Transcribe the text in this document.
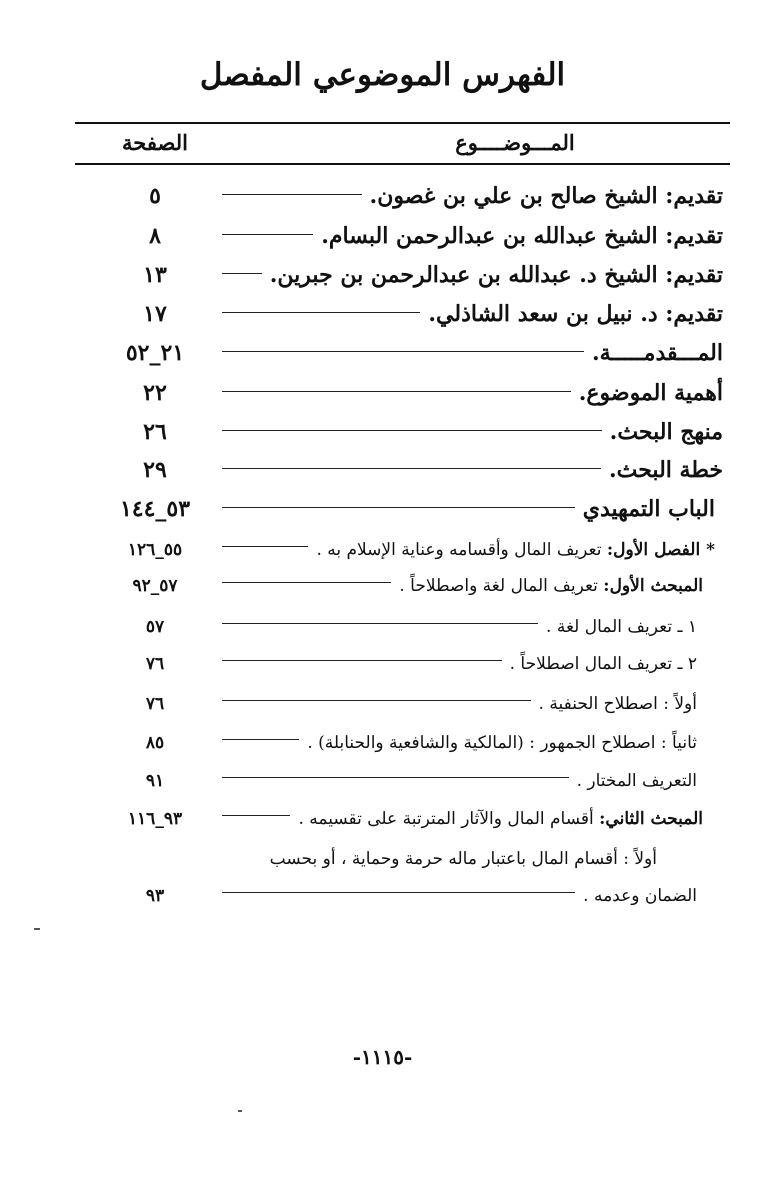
الفهرس الموضوعي المفصل
المـــوضــــوع
الصفحة
تقديم: الشيخ صالح بن علي بن غصون.
٥
تقديم: الشيخ عبدالله بن عبدالرحمن البسام.
٨
تقديم: الشيخ د. عبدالله بن عبدالرحمن بن جبرين.
١٣
تقديم: د. نبيل بن سعد الشاذلي.
١٧
المـــقدمـــــة.
٢١_٥٢
أهمية الموضوع.
٢٢
منهج البحث.
٢٦
خطة البحث.
٢٩
الباب التمهيدي
٥٣_١٤٤
* الفصل الأول: تعريف المال وأقسامه وعناية الإسلام به .
٥٥_١٢٦
المبحث الأول: تعريف المال لغة واصطلاحاً .
٥٧_٩٢
١ ـ تعريف المال لغة .
٥٧
٢ ـ تعريف المال اصطلاحاً .
٧٦
أولاً : اصطلاح الحنفية .
٧٦
ثانياً : اصطلاح الجمهور : (المالكية والشافعية والحنابلة) .
٨٥
التعريف المختار .
٩١
المبحث الثاني: أقسام المال والآثار المترتبة على تقسيمه .
٩٣_١١٦
أولاً : أقسام المال باعتبار ماله حرمة وحماية ، أو بحسب
الضمان وعدمه .
٩٣
-١١١٥-
